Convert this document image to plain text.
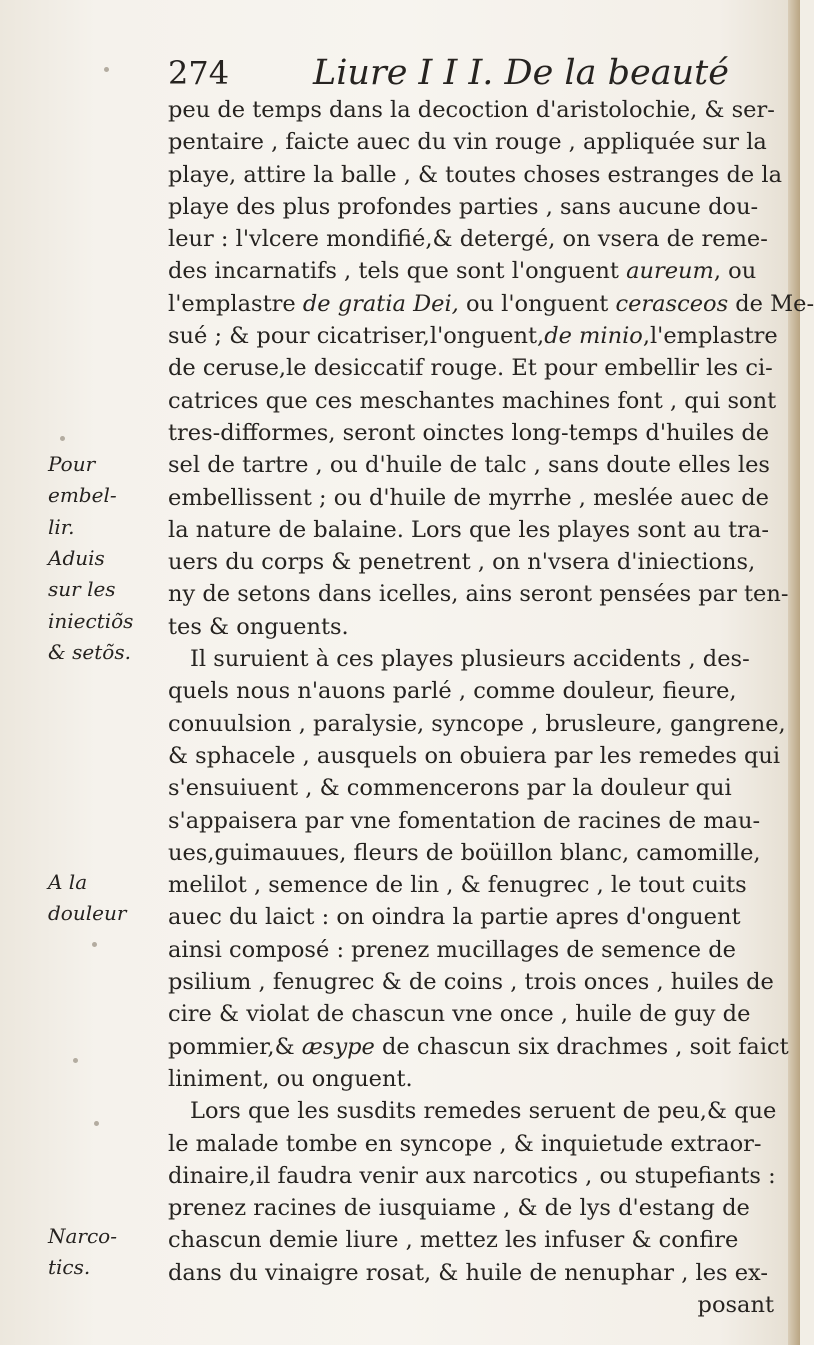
274 Liure I I I. De la beauté
peu de temps dans la decoction d'aristolochie, & ser-
pentaire , faicte auec du vin rouge , appliquée sur la
playe, attire la balle , & toutes choses estranges de la
playe des plus profondes parties , sans aucune dou-
leur : l'vlcere mondifié,& detergé, on vsera de reme-
des incarnatifs , tels que sont l'onguent aureum, ou
l'emplastre de gratia Dei, ou l'onguent cerasceos de Me-
sué ; & pour cicatriser,l'onguent,de minio,l'emplastre
de ceruse,le desiccatif rouge. Et pour embellir les ci-
catrices que ces meschantes machines font , qui sont
tres-difformes, seront oinctes long-temps d'huiles de
sel de tartre , ou d'huile de talc , sans doute elles les
embellissent ; ou d'huile de myrrhe , meslée auec de
la nature de balaine. Lors que les playes sont au tra-
uers du corps & penetrent , on n'vsera d'iniections,
ny de setons dans icelles, ains seront pensées par ten-
tes & onguents.
Il suruient à ces playes plusieurs accidents , des-
quels nous n'auons parlé , comme douleur, fieure,
conuulsion , paralysie, syncope , brusleure, gangrene,
& sphacele , ausquels on obuiera par les remedes qui
s'ensuiuent , & commencerons par la douleur qui
s'appaisera par vne fomentation de racines de mau-
ues,guimauues, fleurs de boüillon blanc, camomille,
melilot , semence de lin , & fenugrec , le tout cuits
auec du laict : on oindra la partie apres d'onguent
ainsi composé : prenez mucillages de semence de
psilium , fenugrec & de coins , trois onces , huiles de
cire & violat de chascun vne once , huile de guy de
pommier,& æsype de chascun six drachmes , soit faict
liniment, ou onguent.
Lors que les susdits remedes seruent de peu,& que
le malade tombe en syncope , & inquietude extraor-
dinaire,il faudra venir aux narcotics , ou stupefiants :
prenez racines de iusquiame , & de lys d'estang de
chascun demie liure , mettez les infuser & confire
dans du vinaigre rosat, & huile de nenuphar , les ex-
posant
Pour
embel-
lir.
Aduis
sur les
iniectiõs
& setõs.
A la
douleur
Narco-
tics.
